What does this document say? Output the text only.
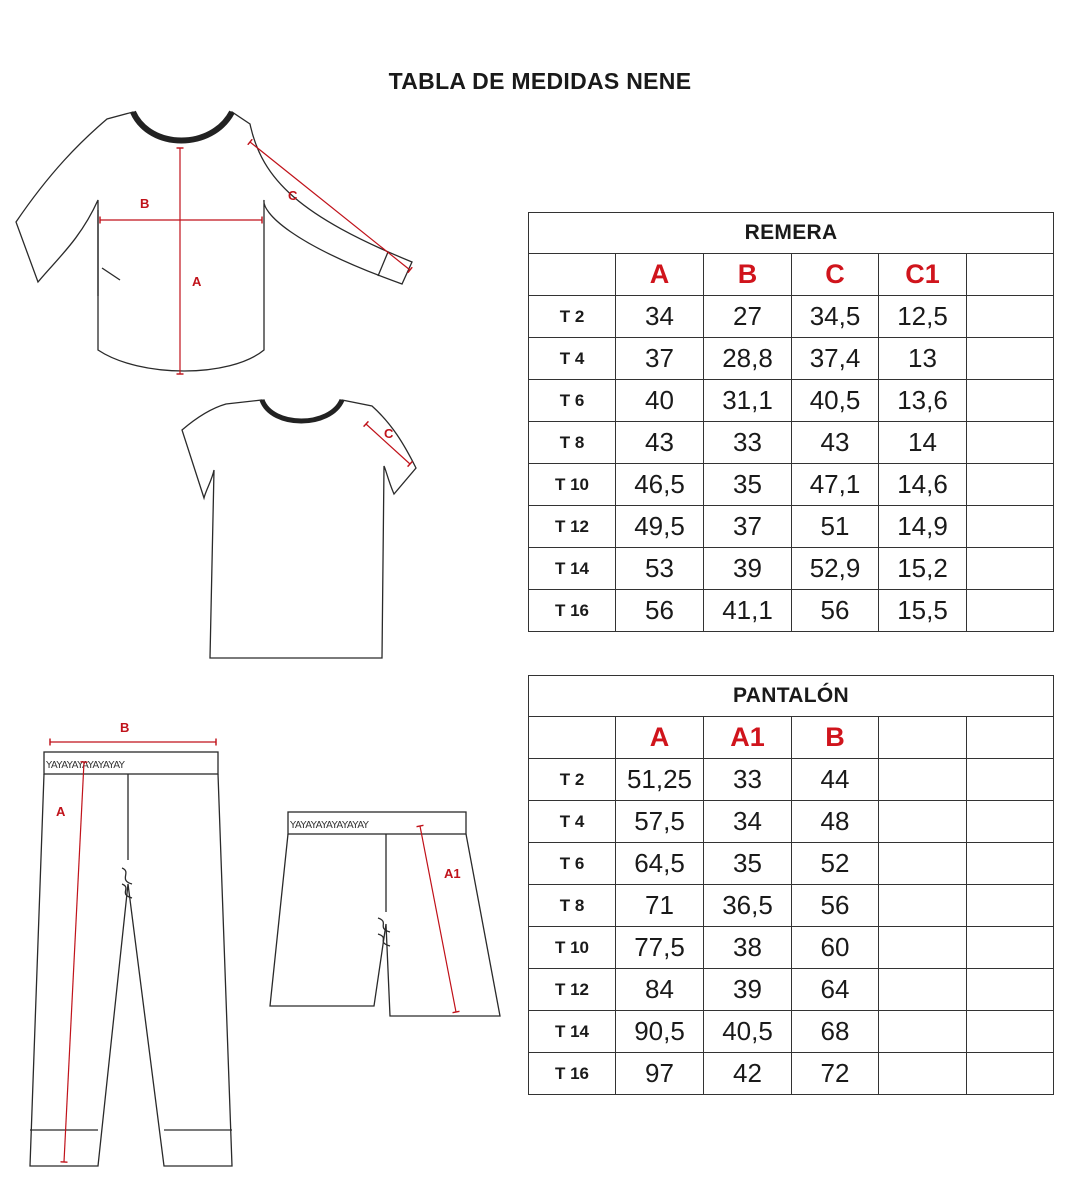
TABLA DE MEDIDAS NENE
B
A
C
C
YAYAYAYAYAYAYAY
B
A
YAYAYAYAYAYAYAY
A1
REMERA					
	A	B	C	C1	
T 2	34	27	34,5	12,5	
T 4	37	28,8	37,4	13	
T 6	40	31,1	40,5	13,6	
T 8	43	33	43	14	
T 10	46,5	35	47,1	14,6	
T 12	49,5	37	51	14,9	
T 14	53	39	52,9	15,2	
T 16	56	41,1	56	15,5	
PANTALÓN					
	A	A1	B		
T 2	51,25	33	44		
T 4	57,5	34	48		
T 6	64,5	35	52		
T 8	71	36,5	56		
T 10	77,5	38	60		
T 12	84	39	64		
T 14	90,5	40,5	68		
T 16	97	42	72		
